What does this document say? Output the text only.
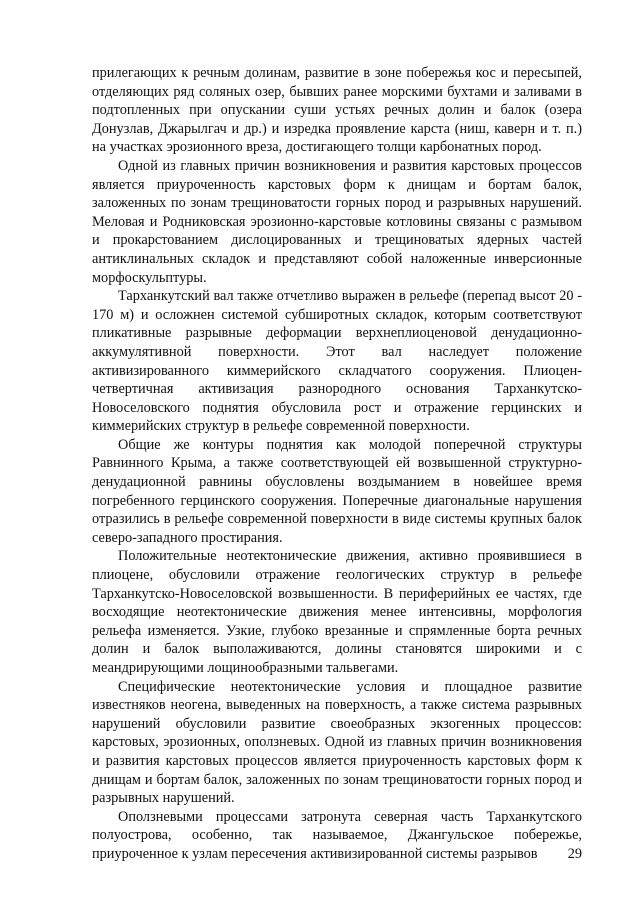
прилегающих к речным долинам, развитие в зоне побережья кос и пересыпей, отделяющих ряд соляных озер, бывших ранее морскими бухтами и заливами в подтопленных при опускании суши устьях речных долин и балок (озера Донузлав, Джарылгач и др.) и изредка проявление карста (ниш, каверн и т. п.) на участках эрозионного вреза, достигающего толщи карбонатных пород.

Одной из главных причин возникновения и развития карстовых процессов является приуроченность карстовых форм к днищам и бортам балок, заложенных по зонам трещиноватости горных пород и разрывных нарушений. Меловая и Родниковская эрозионно-карстовые котловины связаны с размывом и прокарстованием дислоцированных и трещиноватых ядерных частей антиклинальных складок и представляют собой наложенные инверсионные морфоскульптуры.

Тарханкутский вал также отчетливо выражен в рельефе (перепад высот 20 - 170 м) и осложнен системой субширотных складок, которым соответствуют пликативные разрывные деформации верхнеплиоценовой денудационно-аккумулятивной поверхности. Этот вал наследует положение активизированного киммерийского складчатого сооружения. Плиоцен-четвертичная активизация разнородного основания Тарханкутско-Новоселовского поднятия обусловила рост и отражение герцинских и киммерийских структур в рельефе современной поверхности.

Общие же контуры поднятия как молодой поперечной структуры Равнинного Крыма, а также соответствующей ей возвышенной структурно-денудационной равнины обусловлены воздыманием в новейшее время погребенного герцинского сооружения. Поперечные диагональные нарушения отразились в рельефе современной поверхности в виде системы крупных балок северо-западного простирания.

Положительные неотектонические движения, активно проявившиеся в плиоцене, обусловили отражение геологических структур в рельефе Тарханкутско-Новоселовской возвышенности. В периферийных ее частях, где восходящие неотектонические движения менее интенсивны, морфология рельефа изменяется. Узкие, глубоко врезанные и спрямленные борта речных долин и балок выполаживаются, долины становятся широкими и с меандрирующими лощинообразными тальвегами.

Специфические неотектонические условия и площадное развитие известняков неогена, выведенных на поверхность, а также система разрывных нарушений обусловили развитие своеобразных экзогенных процессов: карстовых, эрозионных, оползневых. Одной из главных причин возникновения и развития карстовых процессов является приуроченность карстовых форм к днищам и бортам балок, заложенных по зонам трещиноватости горных пород и разрывных нарушений.

Оползневыми процессами затронута северная часть Тарханкутского полуострова, особенно, так называемое, Джангульское побережье, приуроченное к узлам пересечения активизированной системы разрывов	29
